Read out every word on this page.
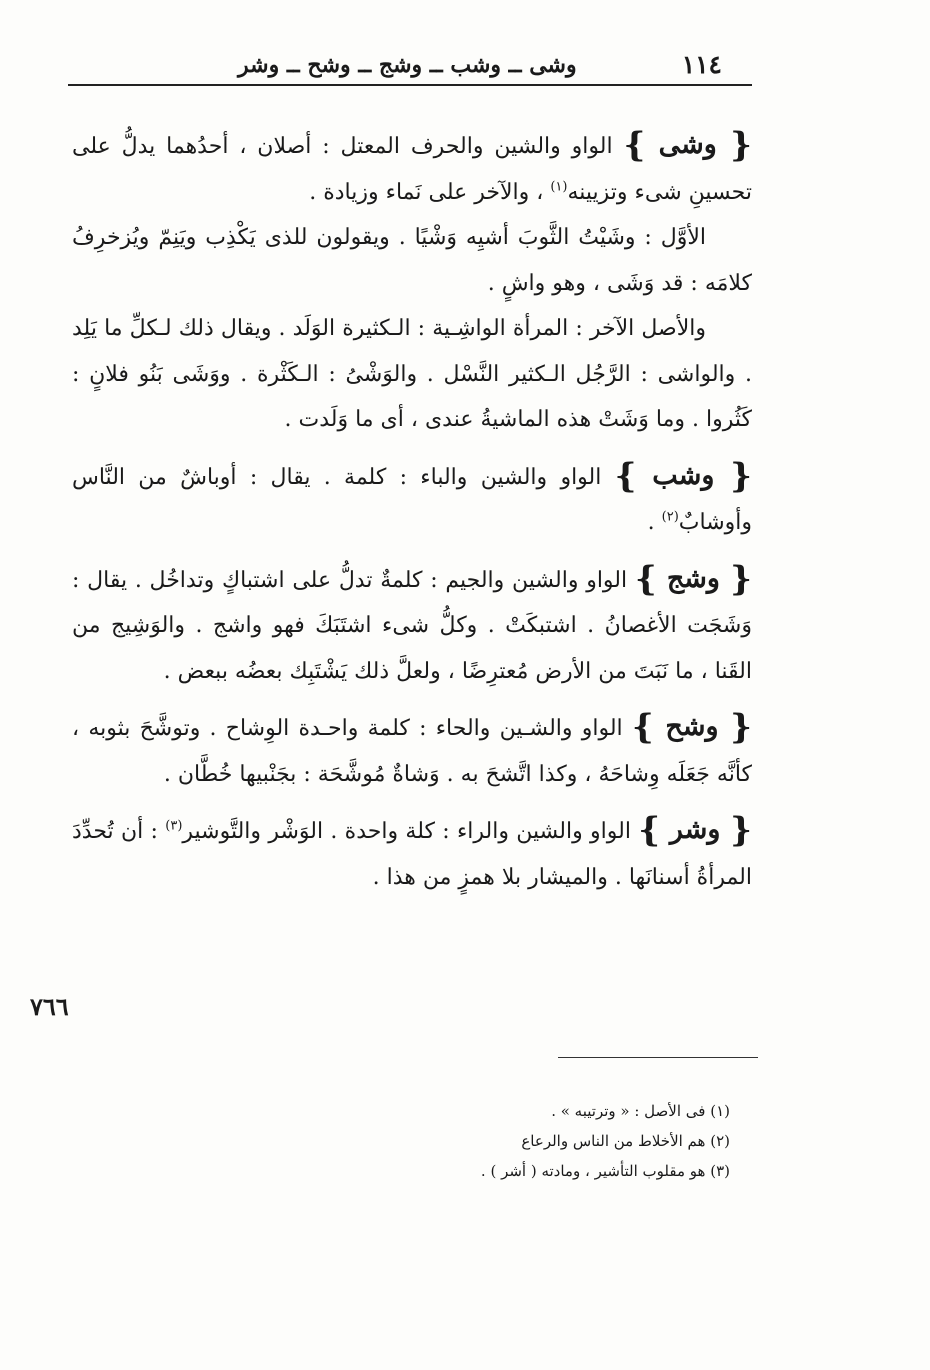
١١٤
وشى ــ وشب ــ وشج ــ وشح ــ وشر

{ وشى } الواو والشين والحرف المعتل : أصلان ، أحدُهما يدلُّ على تحسينِ شىء وتزيينه$^{(١)}$ ، والآخر على نَماء وزيادة .

الأوَّل : وشَيْتُ الثَّوبَ أشيِه وَشْيًا . ويقولون للذى يَكْذِب ويَنِمّ ويُزخرِفُ كلامَه : قد وَشَى ، وهو واشٍ .

والأصل الآخر : المرأة الواشِـية : الـكثيرة الوَلَد . ويقال ذلك لـكلِّ ما يَلِد . والواشى : الرَّجُل الـكثير النَّسْل . والوَشْىُ : الـكَثْرة . ووَشَى بَنُو فلانٍ : كَثُروا . وما وَشَتْ هذه الماشيةُ عندى ، أى ما وَلَدت .

{ وشب } الواو والشين والباء : كلمة . يقال : أوباشٌ من النَّاس وأوشابٌ$^{(٢)}$ .

{ وشج } الواو والشين والجيم : كلمةٌ تدلُّ على اشتباكٍ وتداخُل . يقال : وَشَجَت الأغصانُ . اشتبكَتْ . وكلُّ شىء اشتَبَكَ فهو واشج . والوَشِيج من القَنا ، ما نَبَتَ من الأرض مُعترِضًا ، ولعلَّ ذلك يَشْتَبِك بعضُه ببعض .

{ وشح } الواو والشـين والحاء : كلمة واحـدة الوِشاح . وتوشَّحَ بثوبه ، كأنَّه جَعَلَه وِشاحَهُ ، وكذا اتَّشحَ به . وَشاةٌ مُوشَّحَة : بجَنْبيها خُطَّان .

{ وشر } الواو والشين والراء : كلة واحدة . الوَشْر والتَّوشير$^{(٣)}$ : أن تُحدِّدَ المرأةُ أسنانَها . والميشار بلا همزٍ من هذا .

٧٦٦

(١) فى الأصل : « وترتيبه » .

(٢) هم الأخلاط من الناس والرعاع

(٣) هو مقلوب التأشير ، ومادته ( أشر ) .
